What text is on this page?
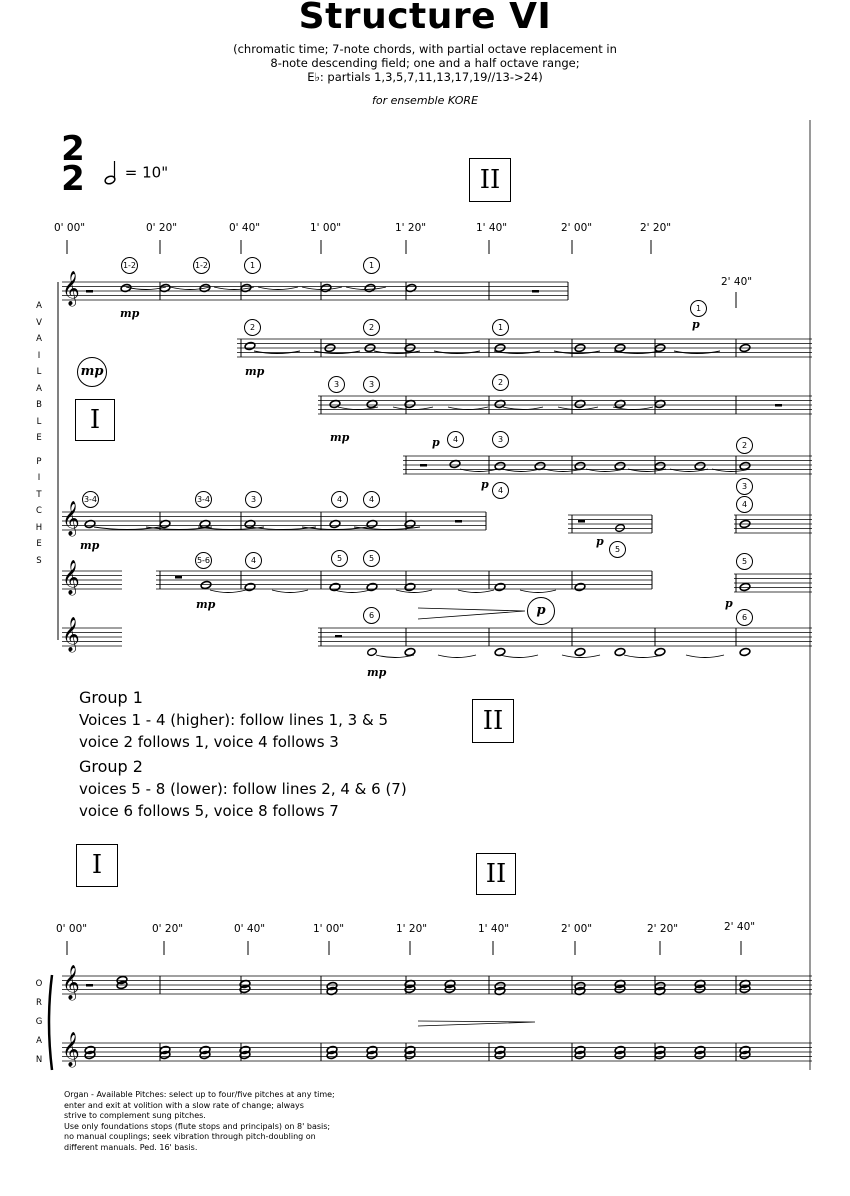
Structure VI
(chromatic time; 7-note chords, with partial octave replacement in
8-note descending field; one and a half octave range;
E♭: partials 1,3,5,7,11,13,17,19//13->24)
for ensemble KORE
2
2	= 10"	II
I
II
I	II
0' 00"	0' 20"	0' 40"	1' 00"	1' 20"	1' 40"	2' 00"	2' 20"
2' 40"
0' 00"	0' 20"	0' 40"	1' 00"	1' 20"	1' 40"	2' 00"	2' 20"	2' 40"
A
V
A
I
L
A
B
L
E
P
I
T
C
H
E
S
O
R
G
A
N
𝄞
𝄞
𝄞
𝄞
𝄞
𝄞
mp
p
mp
mp
mp
mp
mp
mp
p
p
p
p
p
1-2	1-2	1	1
1
2	2	1
3	3	2
4	3
4
2
3
3-4	3-4	3	4	4
5
4
5-6	4	5	5	5
6	6
Group 1
Voices 1 - 4 (higher): follow lines 1, 3 & 5
voice 2 follows 1, voice 4 follows 3
Group 2
voices 5 - 8 (lower): follow lines 2, 4 & 6 (7)
voice 6 follows 5, voice 8 follows 7
Organ - Available Pitches: select up to four/five pitches at any time;
enter and exit at volition with a slow rate of change; always
strive to complement sung pitches.
Use only foundations stops (flute stops and principals) on 8' basis;
no manual couplings; seek vibration through pitch-doubling on
different manuals. Ped. 16' basis.
